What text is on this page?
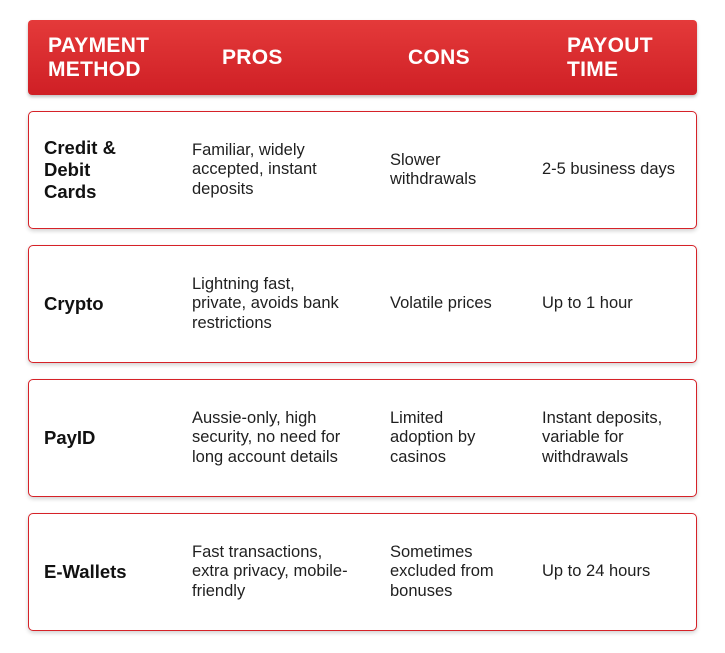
PAYMENT METHOD
PROS	CONS
PAYOUT TIME
Credit & Debit Cards
Familiar, widely accepted, instant deposits
Slower withdrawals
2-5 business days
Crypto
Lightning fast, private, avoids bank restrictions
Volatile prices	Up to 1 hour
PayID
Aussie-only, high security, no need for long account details
Limited adoption by casinos
Instant deposits, variable for withdrawals
E-Wallets
Fast transactions, extra privacy, mobile-friendly
Sometimes excluded from bonuses
Up to 24 hours
